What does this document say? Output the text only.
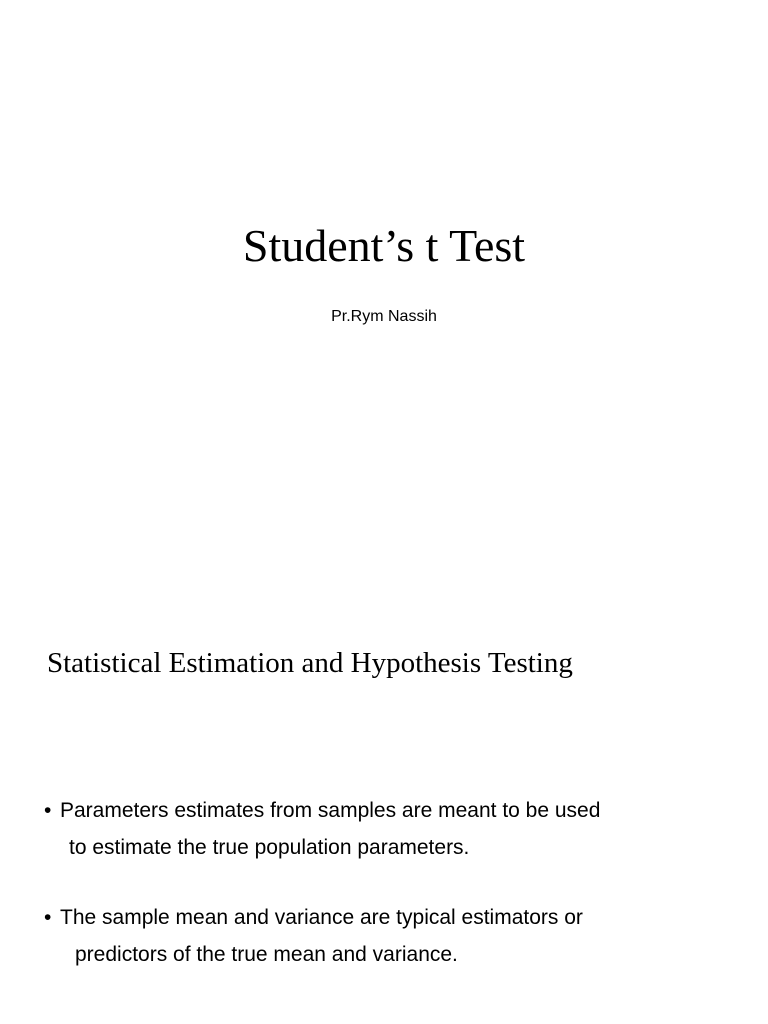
Student’s t Test
Pr.Rym Nassih
Statistical Estimation and Hypothesis Testing
• Parameters estimates from samples are meant to be used
to estimate the true population parameters.
• The sample mean and variance are typical estimators or
predictors of the true mean and variance.
